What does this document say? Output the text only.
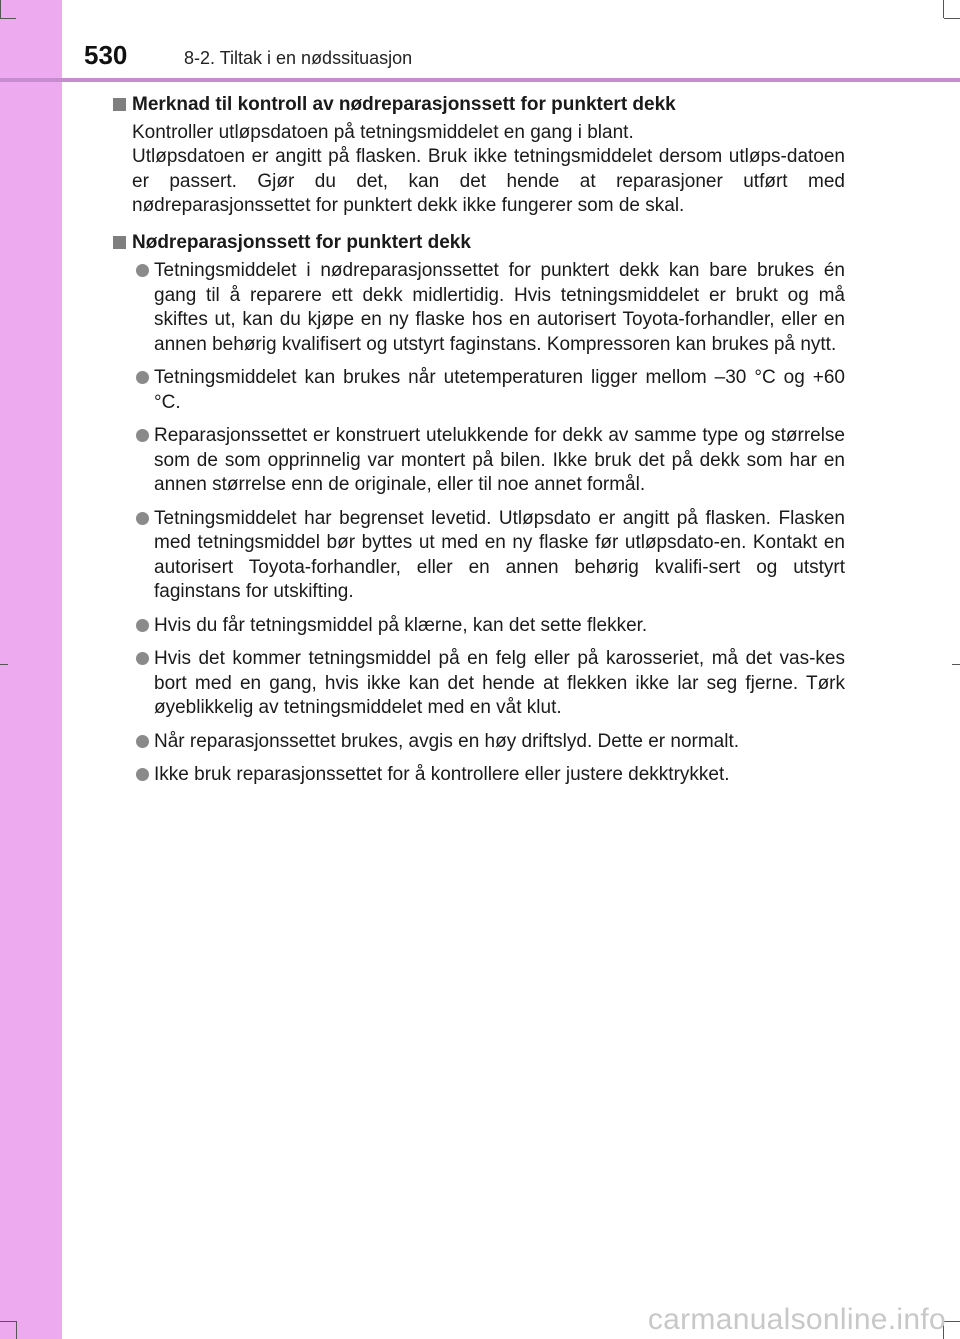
530	8-2. Tiltak i en nødssituasjon
Merknad til kontroll av nødreparasjonssett for punktert dekk
Kontroller utløpsdatoen på tetningsmiddelet en gang i blant.
Utløpsdatoen er angitt på flasken. Bruk ikke tetningsmiddelet dersom utløps-datoen er passert. Gjør du det, kan det hende at reparasjoner utført med nødreparasjonssettet for punktert dekk ikke fungerer som de skal.
Nødreparasjonssett for punktert dekk
Tetningsmiddelet i nødreparasjonssettet for punktert dekk kan bare brukes én gang til å reparere ett dekk midlertidig. Hvis tetningsmiddelet er brukt og må skiftes ut, kan du kjøpe en ny flaske hos en autorisert Toyota-forhandler, eller en annen behørig kvalifisert og utstyrt faginstans. Kompressoren kan brukes på nytt.
Tetningsmiddelet kan brukes når utetemperaturen ligger mellom –30 °C og +60 °C.
Reparasjonssettet er konstruert utelukkende for dekk av samme type og størrelse som de som opprinnelig var montert på bilen. Ikke bruk det på dekk som har en annen størrelse enn de originale, eller til noe annet formål.
Tetningsmiddelet har begrenset levetid. Utløpsdato er angitt på flasken. Flasken med tetningsmiddel bør byttes ut med en ny flaske før utløpsdato-en. Kontakt en autorisert Toyota-forhandler, eller en annen behørig kvalifi-sert og utstyrt faginstans for utskifting.
Hvis du får tetningsmiddel på klærne, kan det sette flekker.
Hvis det kommer tetningsmiddel på en felg eller på karosseriet, må det vas-kes bort med en gang, hvis ikke kan det hende at flekken ikke lar seg fjerne. Tørk øyeblikkelig av tetningsmiddelet med en våt klut.
Når reparasjonssettet brukes, avgis en høy driftslyd. Dette er normalt.
Ikke bruk reparasjonssettet for å kontrollere eller justere dekktrykket.
carmanualsonline.info
